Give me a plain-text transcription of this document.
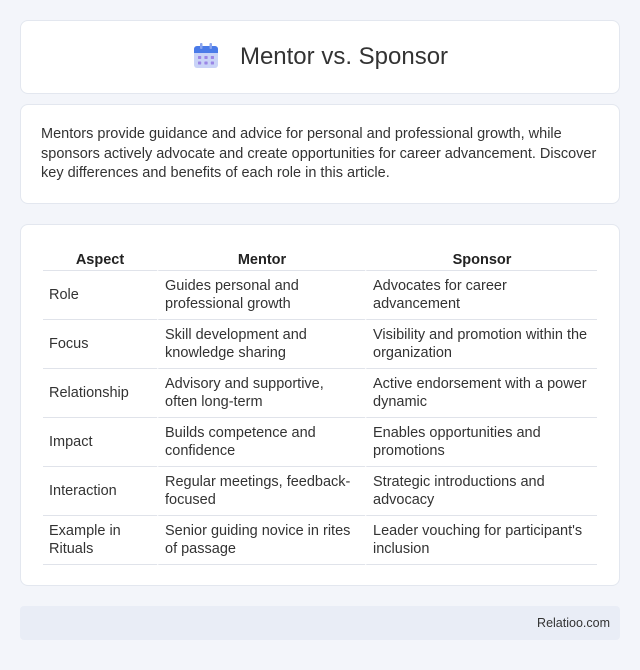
Mentor vs. Sponsor

Mentors provide guidance and advice for personal and professional growth, while sponsors actively advocate and create opportunities for career advancement. Discover key differences and benefits of each role in this article.

Aspect	Mentor	Sponsor
Role	Guides personal and professional growth	Advocates for career advancement
Focus	Skill development and knowledge sharing	Visibility and promotion within the organization
Relationship	Advisory and supportive, often long-term	Active endorsement with a power dynamic
Impact	Builds competence and confidence	Enables opportunities and promotions
Interaction	Regular meetings, feedback-focused	Strategic introductions and advocacy
Example in Rituals	Senior guiding novice in rites of passage	Leader vouching for participant's inclusion
Relatioo.com
